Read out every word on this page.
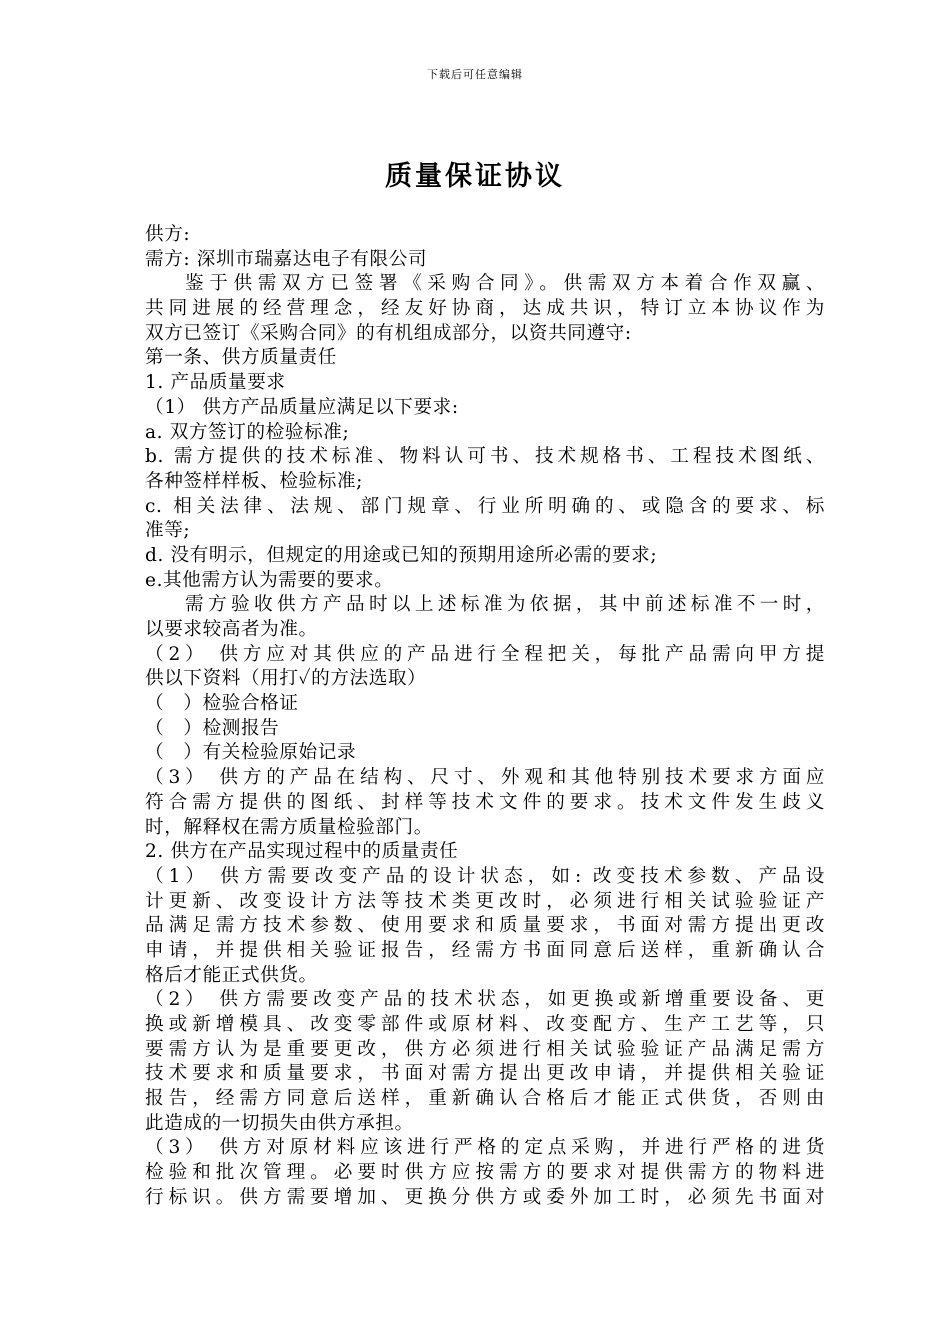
下载后可任意编辑
质量保证协议
供方:
需方: 深圳市瑞嘉达电子有限公司
鉴于供需双方已签署《采购合同》。供需双方本着合作双赢、
共同进展的经营理念，经友好协商，达成共识，特订立本协议作为
双方已签订《采购合同》的有机组成部分，以资共同遵守:
第一条、供方质量责任
1. 产品质量要求
（1） 供方产品质量应满足以下要求:
a. 双方签订的检验标准;
b. 需方提供的技术标准、物料认可书、技术规格书、工程技术图纸、
各种签样样板、检验标准;
c. 相关法律、法规、部门规章、行业所明确的、或隐含的要求、标
准等;
d. 没有明示，但规定的用途或已知的预期用途所必需的要求;
e.其他需方认为需要的要求。
需方验收供方产品时以上述标准为依据，其中前述标准不一时，
以要求较高者为准。
（2） 供方应对其供应的产品进行全程把关，每批产品需向甲方提
供以下资料（用打✓的方法选取）
（　）检验合格证
（　）检测报告
（　）有关检验原始记录
（3） 供方的产品在结构、尺寸、外观和其他特别技术要求方面应
符合需方提供的图纸、封样等技术文件的要求。技术文件发生歧义
时，解释权在需方质量检验部门。
2. 供方在产品实现过程中的质量责任
（1） 供方需要改变产品的设计状态，如: 改变技术参数、产品设
计更新、改变设计方法等技术类更改时，必须进行相关试验验证产
品满足需方技术参数、使用要求和质量要求，书面对需方提出更改
申请，并提供相关验证报告，经需方书面同意后送样，重新确认合
格后才能正式供货。
（2） 供方需要改变产品的技术状态，如更换或新增重要设备、更
换或新增模具、改变零部件或原材料、改变配方、生产工艺等，只
要需方认为是重要更改，供方必须进行相关试验验证产品满足需方
技术要求和质量要求，书面对需方提出更改申请，并提供相关验证
报告，经需方同意后送样，重新确认合格后才能正式供货，否则由
此造成的一切损失由供方承担。
（3） 供方对原材料应该进行严格的定点采购，并进行严格的进货
检验和批次管理。必要时供方应按需方的要求对提供需方的物料进
行标识。供方需要增加、更换分供方或委外加工时，必须先书面对
